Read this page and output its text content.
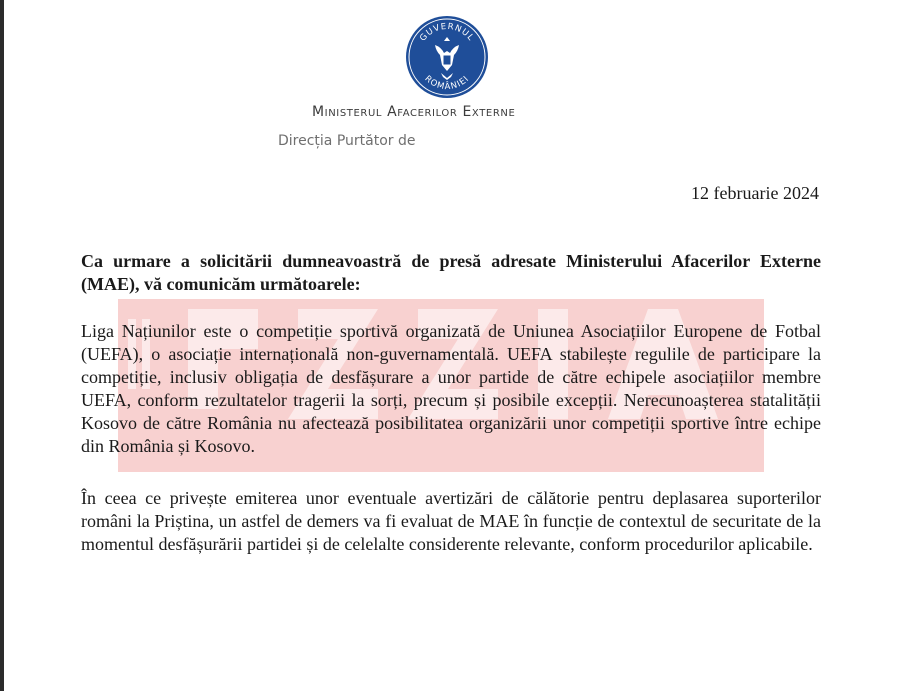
GUVERNUL
ROMÂNIEI
Ministerul Afacerilor Externe
Direcția Purtător de
12 februarie 2024
Ca urmare a solicitării dumneavoastră de presă adresate Ministerului Afacerilor Externe (MAE), vă comunicăm următoarele:
Liga Națiunilor este o competiție sportivă organizată de Uniunea Asociațiilor Europene de Fotbal (UEFA), o asociație internațională non-guvernamentală. UEFA stabilește regulile de participare la competiție, inclusiv obligația de desfășurare a unor partide de către echipele asociațiilor membre UEFA, conform rezultatelor tragerii la sorți, precum și posibile excepții. Nerecunoașterea statalității Kosovo de către România nu afectează posibilitatea organizării unor competiții sportive între echipe din România și Kosovo.
În ceea ce privește emiterea unor eventuale avertizări de călătorie pentru deplasarea suporterilor români la Priștina, un astfel de demers va fi evaluat de MAE în funcție de contextul de securitate de la momentul desfășurării partidei și de celelalte considerente relevante, conform procedurilor aplicabile.
